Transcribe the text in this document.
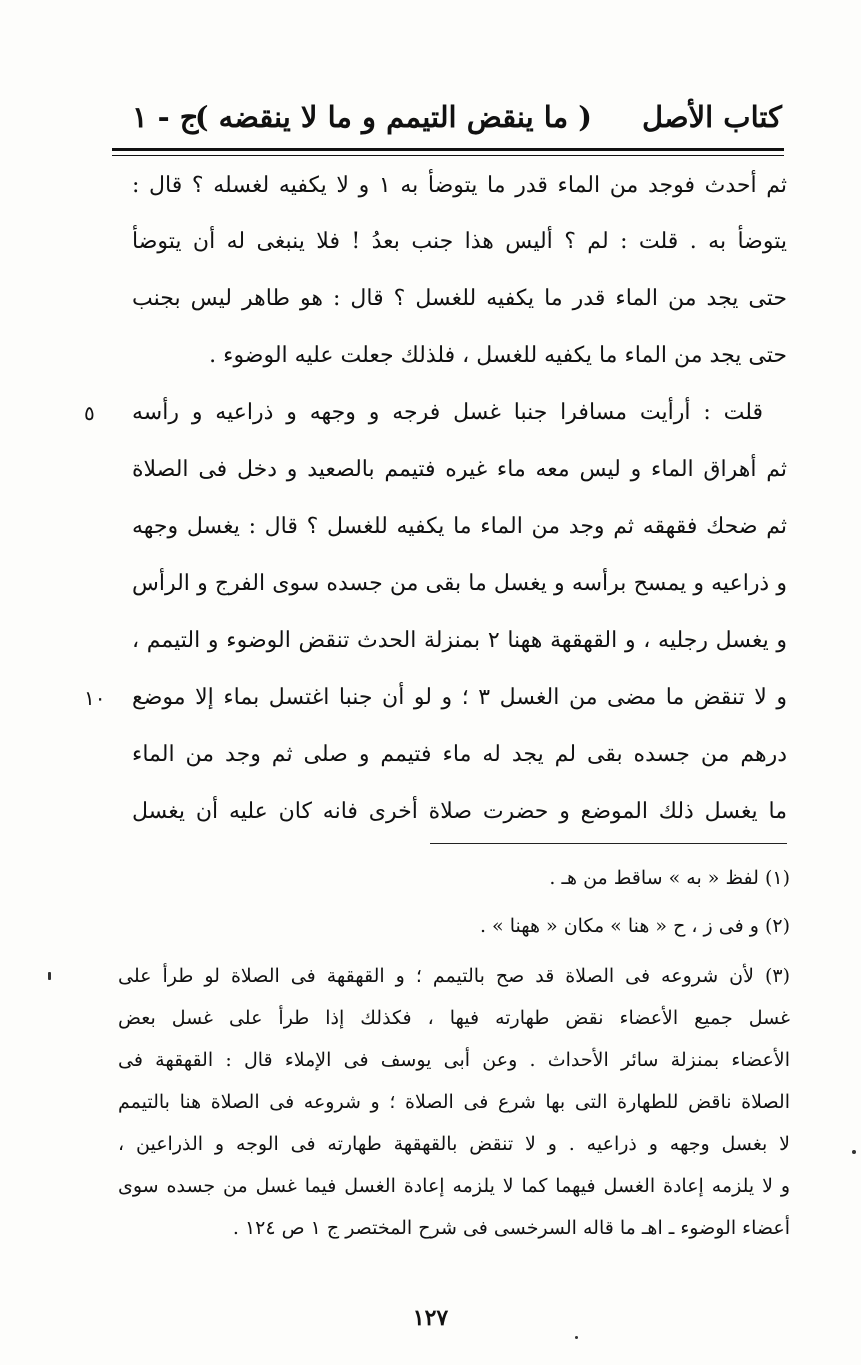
كتاب الأصل
( ما ينقض التيمم و ما لا ينقضه )
ج - ١
ثم أحدث فوجد من الماء قدر ما يتوضأ به ١ و لا يكفيه لغسله ؟ قال :
يتوضأ به . قلت : لم ؟ أليس هذا جنب بعدُ ! فلا ينبغى له أن يتوضأ
حتى يجد من الماء قدر ما يكفيه للغسل ؟ قال : هو طاهر ليس بجنب
حتى يجد من الماء ما يكفيه للغسل ، فلذلك جعلت عليه الوضوء .
قلت : أرأيت مسافرا جنبا غسل فرجه و وجهه و ذراعيه و رأسه
ثم أهراق الماء و ليس معه ماء غيره فتيمم بالصعيد و دخل فى الصلاة
ثم ضحك فقهقه ثم وجد من الماء ما يكفيه للغسل ؟ قال : يغسل وجهه
و ذراعيه و يمسح برأسه و يغسل ما بقى من جسده سوى الفرج و الرأس
و يغسل رجليه ، و القهقهة ههنا ٢ بمنزلة الحدث تنقض الوضوء و التيمم ،
و لا تنقض ما مضى من الغسل ٣ ؛ و لو أن جنبا اغتسل بماء إلا موضع
درهم من جسده بقى لم يجد له ماء فتيمم و صلى ثم وجد من الماء
ما يغسل ذلك الموضع و حضرت صلاة أخرى فانه كان عليه أن يغسل
٥
١٠
(١) لفظ « به » ساقط من هـ .
(٢) و فى ز ، ح « هنا » مكان « ههنا » .
(٣) لأن شروعه فى الصلاة قد صح بالتيمم ؛ و القهقهة فى الصلاة لو طرأ على
غسل جميع الأعضاء نقض طهارته فيها ، فكذلك إذا طرأ على غسل بعض
الأعضاء بمنزلة سائر الأحداث . وعن أبى يوسف فى الإملاء قال : القهقهة فى
الصلاة ناقض للطهارة التى بها شرع فى الصلاة ؛ و شروعه فى الصلاة هنا بالتيمم
لا بغسل وجهه و ذراعيه . و لا تنقض بالقهقهة طهارته فى الوجه و الذراعين ،
و لا يلزمه إعادة الغسل فيهما كما لا يلزمه إعادة الغسل فيما غسل من جسده سوى
أعضاء الوضوء ـ اهـ ما قاله السرخسى فى شرح المختصر ج ١ ص ١٢٤ .
١٢٧
